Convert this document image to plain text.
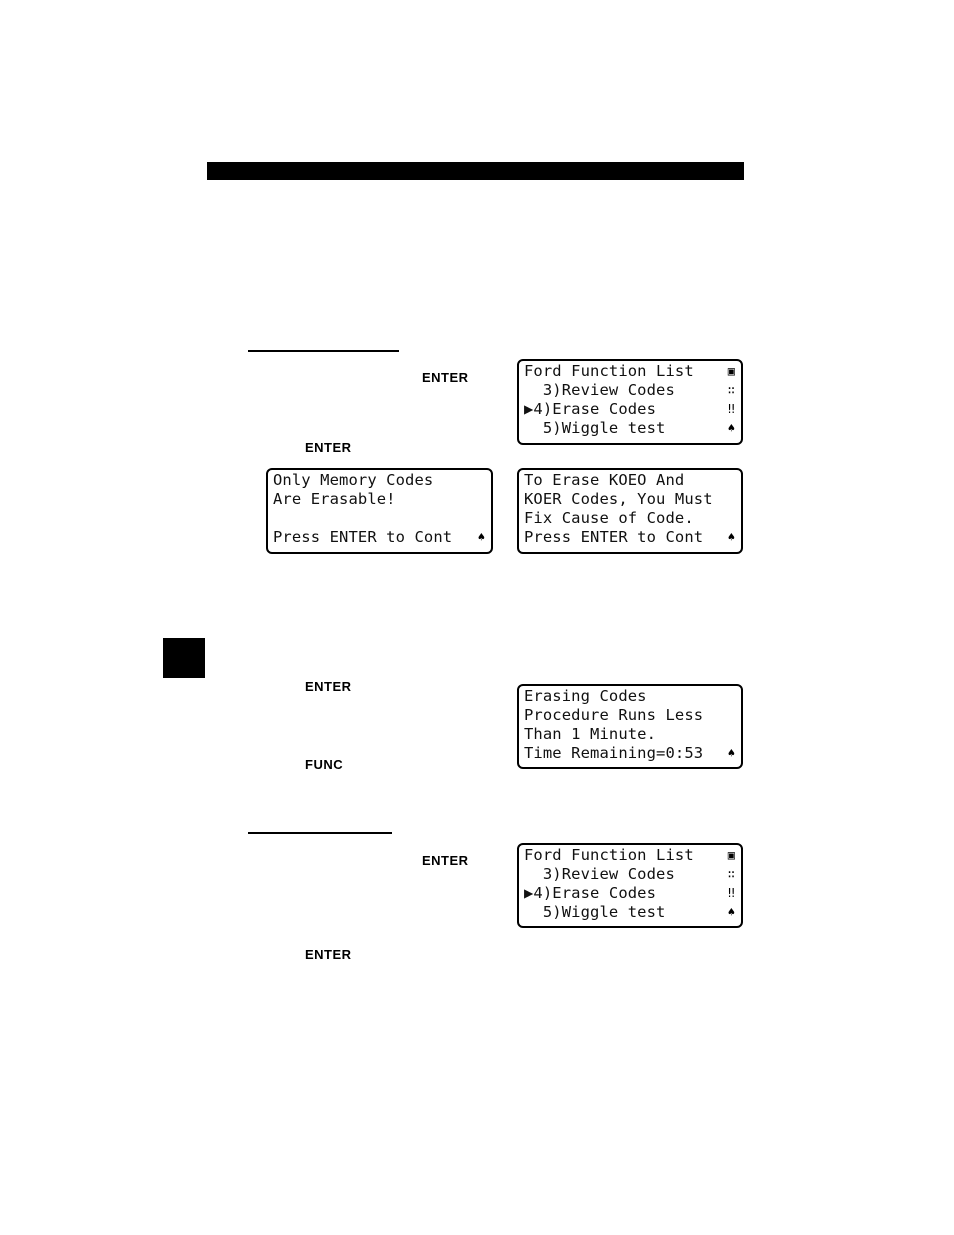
ENTER
ENTER
ENTER
FUNC
ENTER
ENTER
Ford Function List
3)Review Codes
▶4)Erase Codes
5)Wiggle test
▣
∷
‼
♠
Only Memory Codes
Are Erasable!
Press ENTER to Cont	♠
To Erase KOEO And
KOER Codes, You Must
Fix Cause of Code.
Press ENTER to Cont	♠
Erasing Codes
Procedure Runs Less
Than 1 Minute.
Time Remaining=0:53	♠
Ford Function List
3)Review Codes
▶4)Erase Codes
5)Wiggle test
▣
∷
‼
♠
